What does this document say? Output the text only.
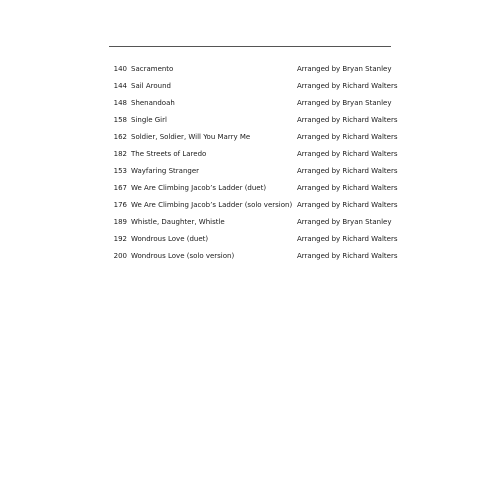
140 Sacramento	Arranged by Bryan Stanley
144 Sail Around	Arranged by Richard Walters
148 Shenandoah	Arranged by Bryan Stanley
158 Single Girl	Arranged by Richard Walters
162 Soldier, Soldier, Will You Marry Me	Arranged by Richard Walters
182 The Streets of Laredo	Arranged by Richard Walters
153 Wayfaring Stranger	Arranged by Richard Walters
167 We Are Climbing Jacob’s Ladder (duet)	Arranged by Richard Walters
176 We Are Climbing Jacob’s Ladder (solo version) Arranged by Richard Walters
189 Whistle, Daughter, Whistle	Arranged by Bryan Stanley
192 Wondrous Love (duet)	Arranged by Richard Walters
200 Wondrous Love (solo version)	Arranged by Richard Walters
